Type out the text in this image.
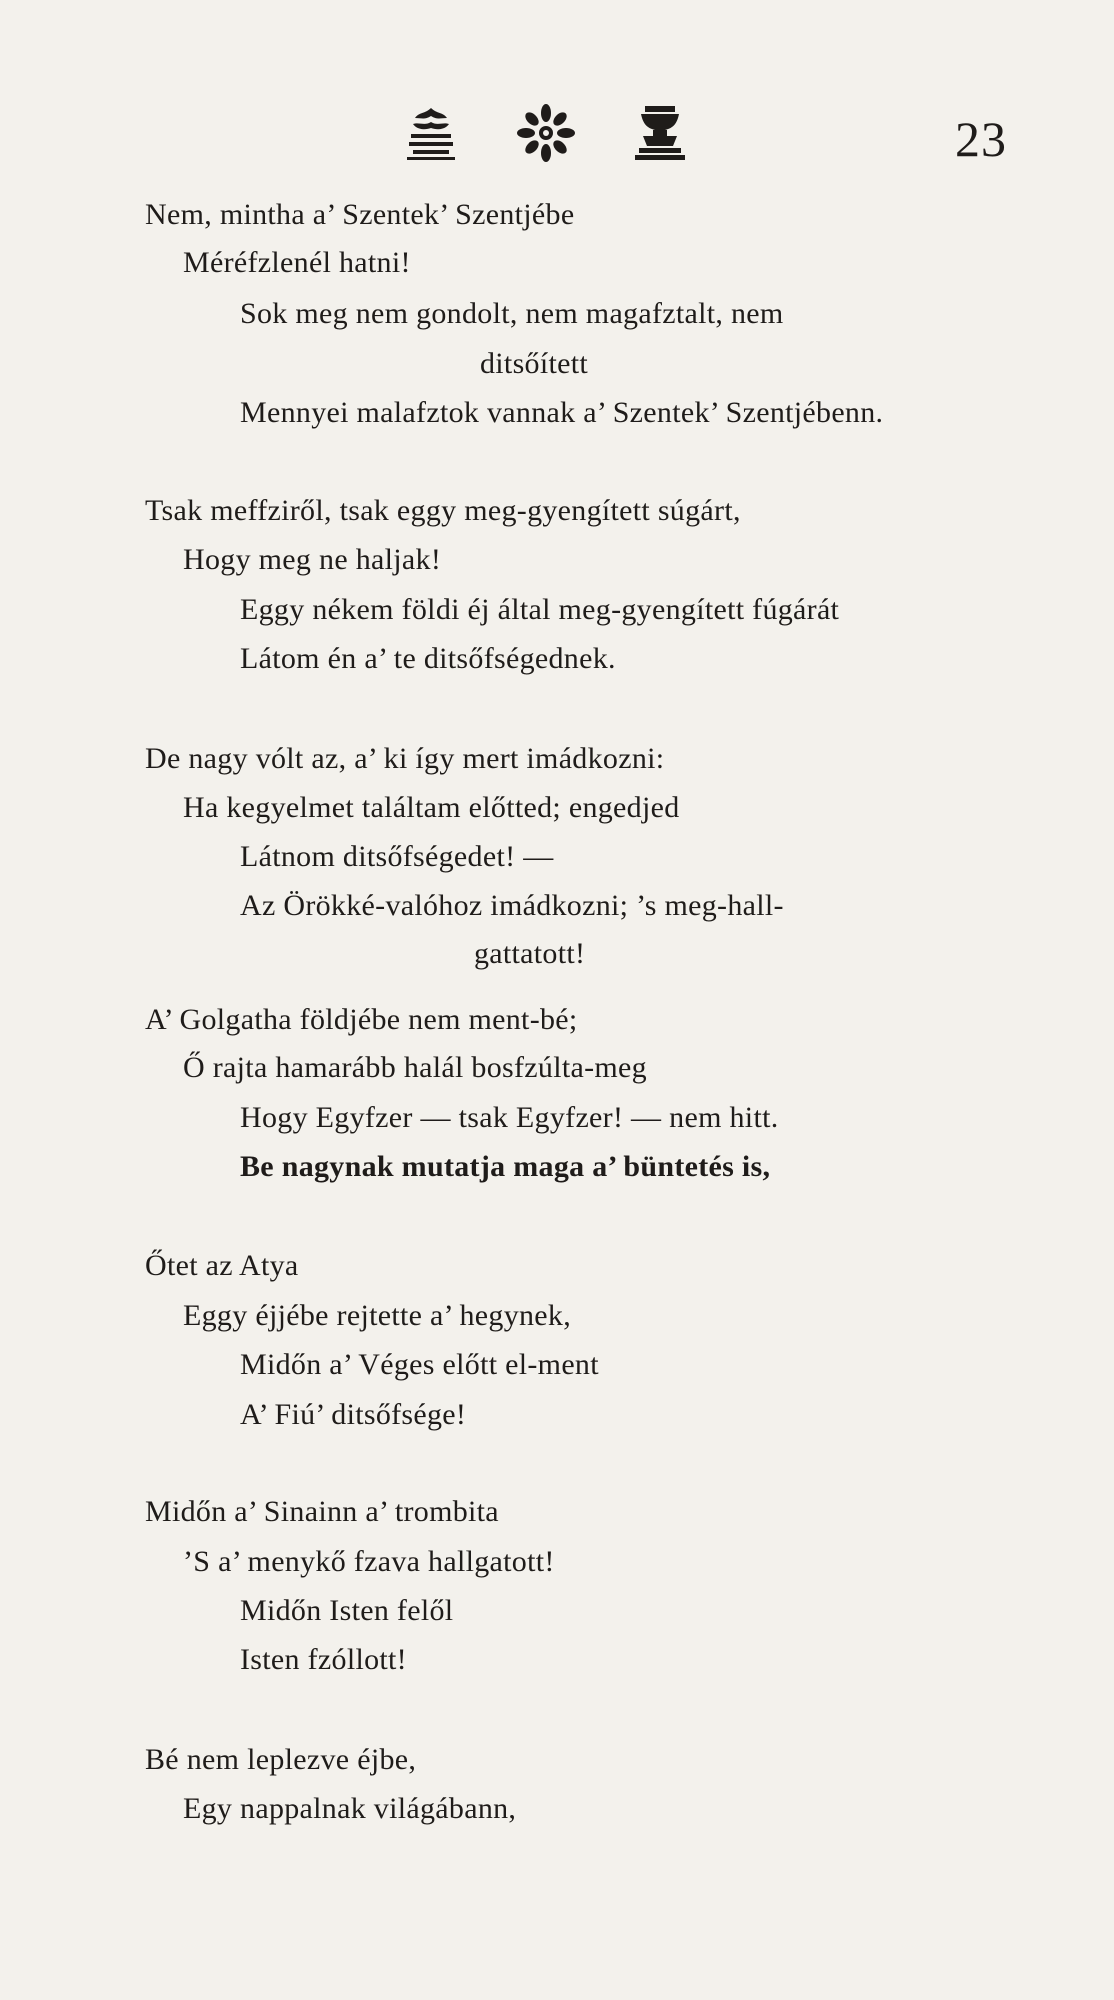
23
Nem, mintha a’ Szentek’ Szentjébe
Méréfzlenél hatni!
Sok meg nem gondolt, nem magafztalt, nem
ditsőített
Mennyei malafztok vannak a’ Szentek’ Szentjébenn.
Tsak meffziről, tsak eggy meg-gyengített súgárt,
Hogy meg ne haljak!
Eggy nékem földi éj által meg-gyengített fúgárát
Látom én a’ te ditsőfségednek.
De nagy vólt az, a’ ki így mert imádkozni:
Ha kegyelmet találtam előtted; engedjed
Látnom ditsőfségedet! —
Az Örökké-valóhoz imádkozni; ’s meg-hall-
gattatott!
A’ Golgatha földjébe nem ment-bé;
Ő rajta hamarább halál bosfzúlta-meg
Hogy Egyfzer — tsak Egyfzer! — nem hitt.
Be nagynak mutatja maga a’ büntetés is,
Őtet az Atya
Eggy éjjébe rejtette a’ hegynek,
Midőn a’ Véges előtt el-ment
A’ Fiú’ ditsőfsége!
Midőn a’ Sinainn a’ trombita
’S a’ menykő fzava hallgatott!
Midőn Isten felől
Isten fzóllott!
Bé nem leplezve éjbe,
Egy nappalnak világábann,
